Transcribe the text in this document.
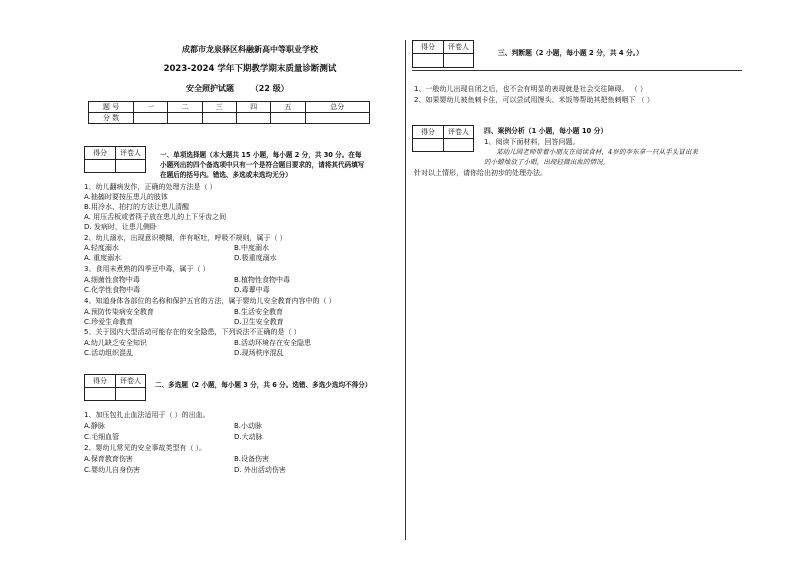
成都市龙泉驿区科融新高中等职业学校
2023-2024 学年下期教学期末质量诊断测试
安全照护试题 （22 级）
题 号	一	二	三	四	五	总分
分 数						
得分	评卷人
		一、单项选择题（本大题共 15 小题，每小题 2 分，共 30 分。在每
小题列出的四个备选项中只有一个是符合题目要求的，请将其代码填写
在题后的括号内。错选、多选或未选均无分）
1、幼儿翻病发作，正确的处理方法是（ ）
A.抽搐时要按压患儿的肢体
B.用冷水、拍打的方法让患儿清醒
A. 用压舌板或者筷子放在患儿的上下牙齿之间
D. 发病时，让患儿侧卧
2、幼儿溺水，出现意识模糊，伴有呕吐，呼吸不规则，属于（ ）
A.轻度溺水	B.中度溺水
A. 重度溺水	D.极重度溺水
3、食用未煮熟的四季豆中毒，属于（ ）
A.细菌性食物中毒	B.植物性食物中毒
C.化学性食物中毒	D.毒蕈中毒
4、知道身体各部位的名称和保护五官的方法，属于婴幼儿安全教育内容中的（ ）
A.预防传染病安全教育	B.生活安全教育
C.珍爱生命教育	D.卫生安全教育
5、关于园内大型活动可能存在的安全隐患，下列说法不正确的是（ ）
A.幼儿缺乏安全知识	B.活动环境存在安全隐患
C.活动组织混乱	D.现场秩序混乱
得分	评卷人
	二、多选题（2 小题，每小题 3 分，共 6 分。选错、多选少选均不得分）
1、加压包扎止血法适用于（ ）的出血。
A.静脉	B.小动脉
C.毛细血管	D.大动脉
2、婴幼儿常见的安全事故类型有（ ）。
A.保育教育伤害	B.设备伤害
C.婴幼儿自身伤害	D. 外出活动伤害
得分	评卷人

三、判断题（2 小题，每小题 2 分，共 4 分。）
1、一般幼儿出现自闭之后，也不会有明显的表现就是社会交往障碍。 （ ）
2、如果婴幼儿被鱼刺卡住，可以尝试用馒头、米饭等帮助其把鱼刺咽下 （ ）
得分	评卷人
	四、案例分析（1 小题，每小题 10 分）
1、阅读下面材料，回答问题。
某幼儿园老师带着小朋友在阅读食材，4岁的李东拿一只从手头冒出来
的小蜡烛放了小眼，出现轻微出血的情况。
针对以上情形，请你给出初步的处理办法。
